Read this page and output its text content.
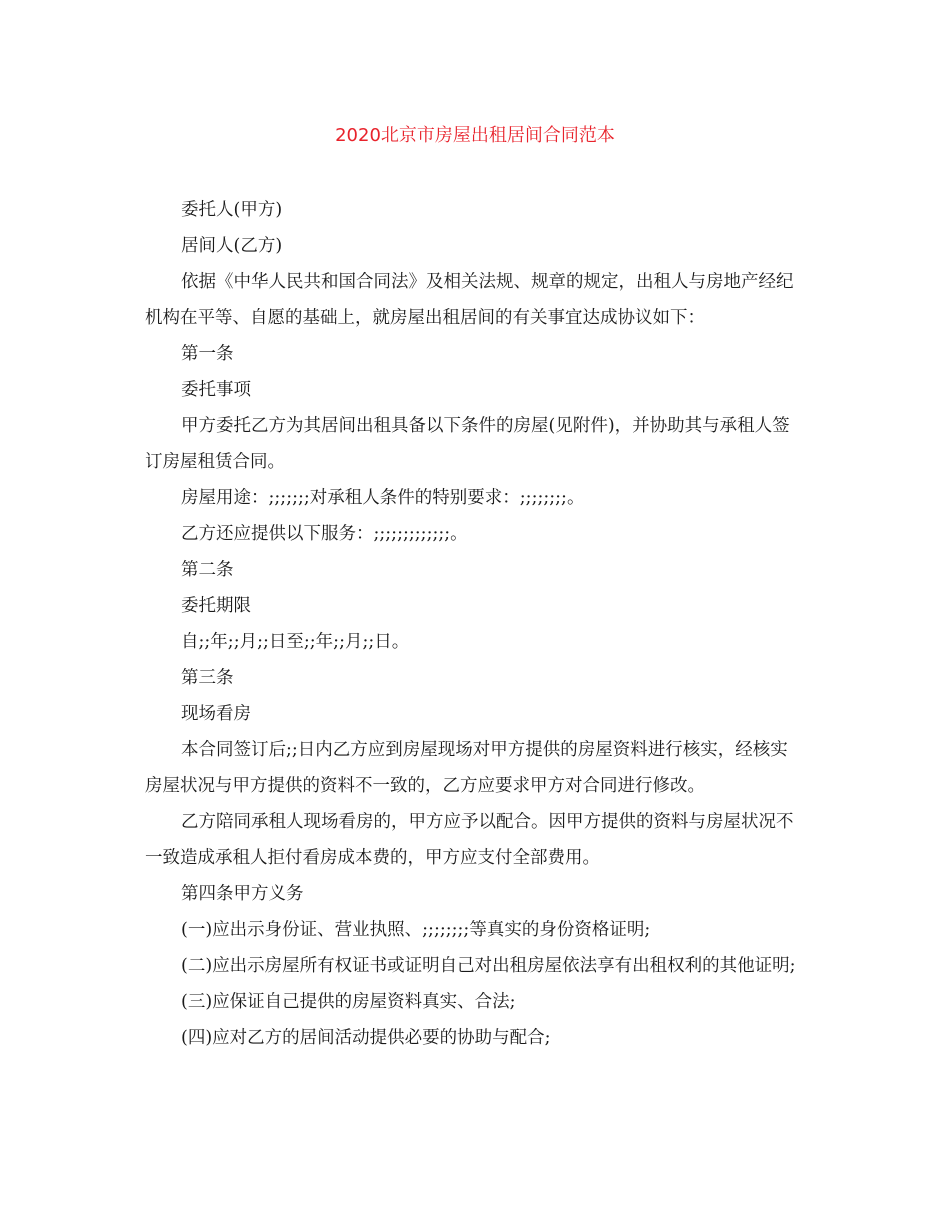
2020北京市房屋出租居间合同范本

委托人(甲方)

居间人(乙方)

依据《中华人民共和国合同法》及相关法规、规章的规定，出租人与房地产经纪机构在平等、自愿的基础上，就房屋出租居间的有关事宜达成协议如下：

第一条

委托事项

甲方委托乙方为其居间出租具备以下条件的房屋(见附件)，并协助其与承租人签订房屋租赁合同。

房屋用途：;;;;;;;对承租人条件的特别要求：;;;;;;;;。

乙方还应提供以下服务：;;;;;;;;;;;;;。

第二条

委托期限

自;;年;;月;;日至;;年;;月;;日。

第三条

现场看房

本合同签订后;;日内乙方应到房屋现场对甲方提供的房屋资料进行核实，经核实房屋状况与甲方提供的资料不一致的，乙方应要求甲方对合同进行修改。

乙方陪同承租人现场看房的，甲方应予以配合。因甲方提供的资料与房屋状况不一致造成承租人拒付看房成本费的，甲方应支付全部费用。

第四条甲方义务

(一)应出示身份证、营业执照、;;;;;;;;等真实的身份资格证明;

(二)应出示房屋所有权证书或证明自己对出租房屋依法享有出租权利的其他证明;

(三)应保证自己提供的房屋资料真实、合法;

(四)应对乙方的居间活动提供必要的协助与配合;
